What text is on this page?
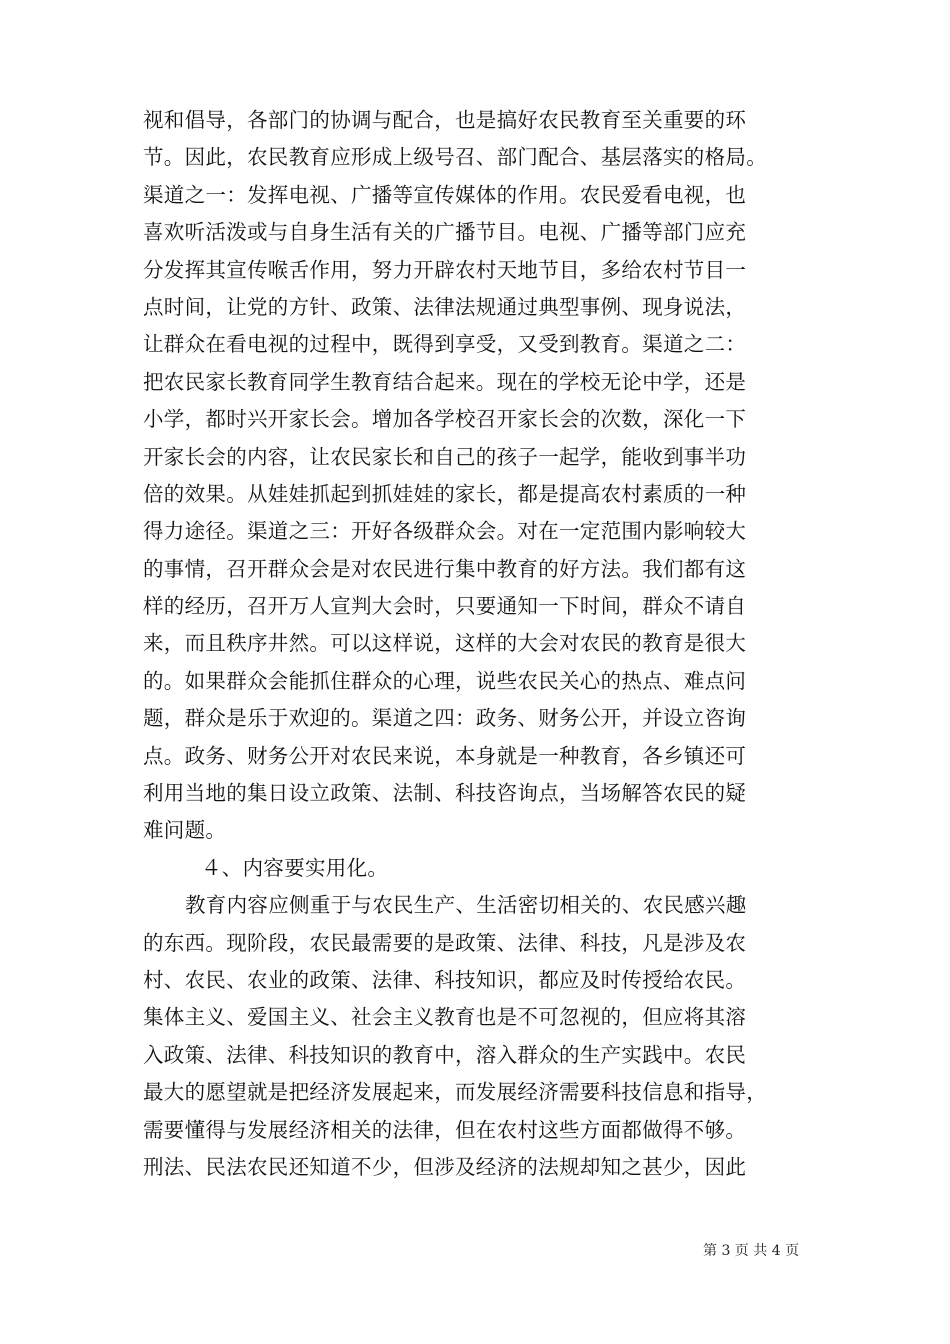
视和倡导，各部门的协调与配合，也是搞好农民教育至关重要的环
节。因此，农民教育应形成上级号召、部门配合、基层落实的格局。
渠道之一：发挥电视、广播等宣传媒体的作用。农民爱看电视，也
喜欢听活泼或与自身生活有关的广播节目。电视、广播等部门应充
分发挥其宣传喉舌作用，努力开辟农村天地节目，多给农村节目一
点时间，让党的方针、政策、法律法规通过典型事例、现身说法，
让群众在看电视的过程中，既得到享受，又受到教育。渠道之二：
把农民家长教育同学生教育结合起来。现在的学校无论中学，还是
小学，都时兴开家长会。增加各学校召开家长会的次数，深化一下
开家长会的内容，让农民家长和自己的孩子一起学，能收到事半功
倍的效果。从娃娃抓起到抓娃娃的家长，都是提高农村素质的一种
得力途径。渠道之三：开好各级群众会。对在一定范围内影响较大
的事情，召开群众会是对农民进行集中教育的好方法。我们都有这
样的经历，召开万人宣判大会时，只要通知一下时间，群众不请自
来，而且秩序井然。可以这样说，这样的大会对农民的教育是很大
的。如果群众会能抓住群众的心理，说些农民关心的热点、难点问
题，群众是乐于欢迎的。渠道之四：政务、财务公开，并设立咨询
点。政务、财务公开对农民来说，本身就是一种教育，各乡镇还可
利用当地的集日设立政策、法制、科技咨询点，当场解答农民的疑
难问题。
４、内容要实用化。
教育内容应侧重于与农民生产、生活密切相关的、农民感兴趣
的东西。现阶段，农民最需要的是政策、法律、科技，凡是涉及农
村、农民、农业的政策、法律、科技知识，都应及时传授给农民。
集体主义、爱国主义、社会主义教育也是不可忽视的，但应将其溶
入政策、法律、科技知识的教育中，溶入群众的生产实践中。农民
最大的愿望就是把经济发展起来，而发展经济需要科技信息和指导，
需要懂得与发展经济相关的法律，但在农村这些方面都做得不够。
刑法、民法农民还知道不少，但涉及经济的法规却知之甚少，因此
第 3 页 共 4 页
